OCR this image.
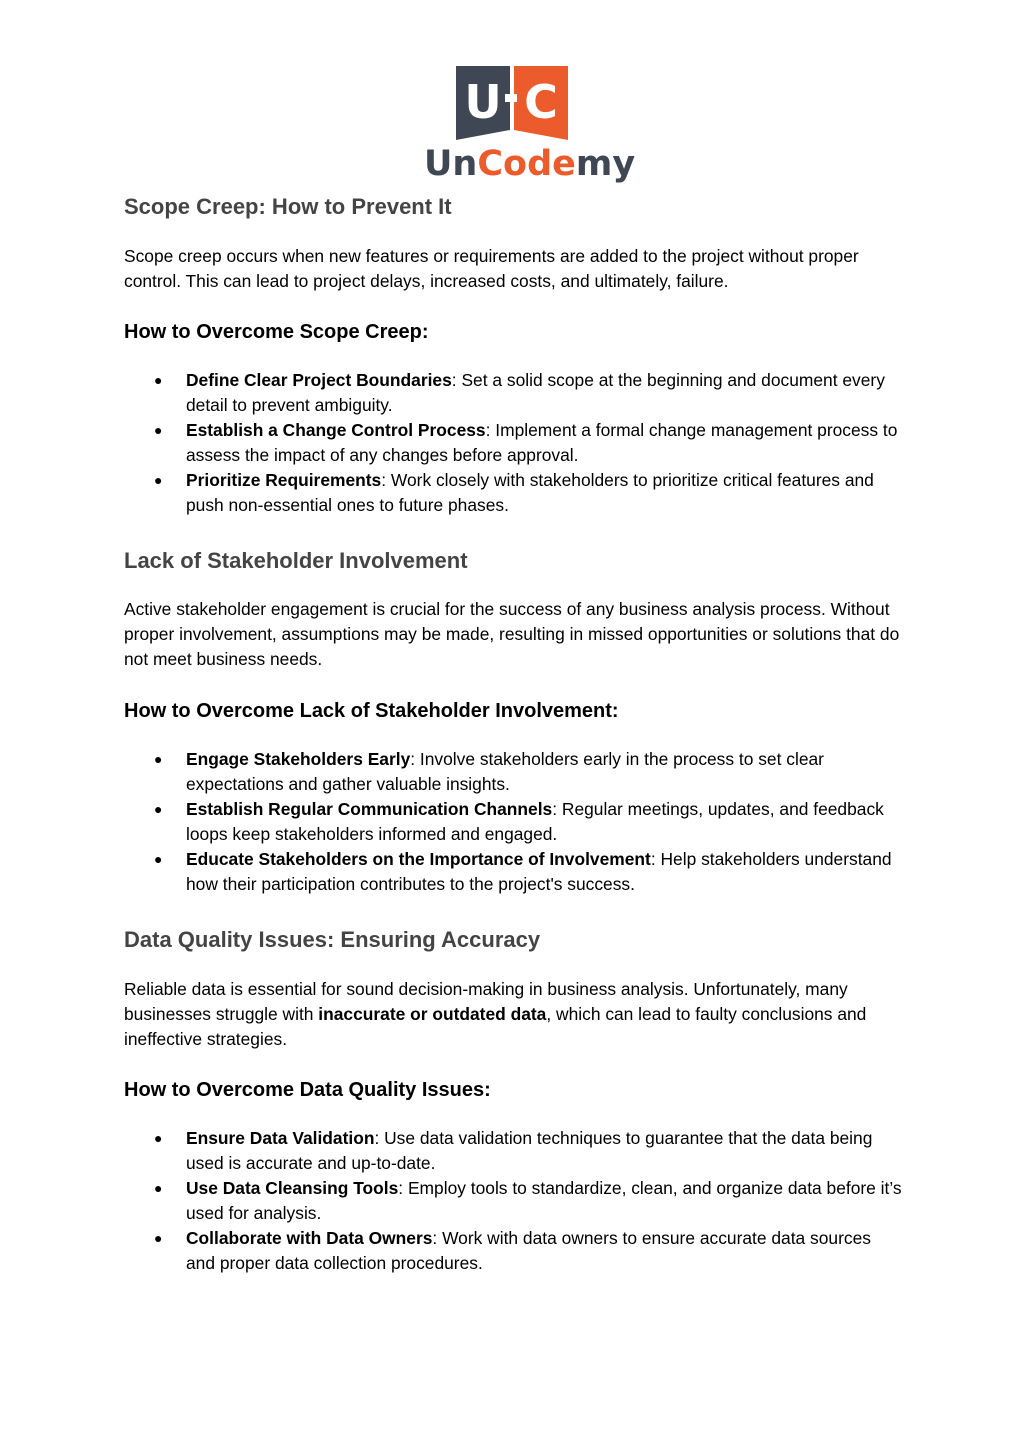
U C
UnCodemy
Scope Creep: How to Prevent It

Scope creep occurs when new features or requirements are added to the project without proper control. This can lead to project delays, increased costs, and ultimately, failure.

How to Overcome Scope Creep:
● Define Clear Project Boundaries: Set a solid scope at the beginning and document every detail to prevent ambiguity.
● Establish a Change Control Process: Implement a formal change management process to assess the impact of any changes before approval.
● Prioritize Requirements: Work closely with stakeholders to prioritize critical features and push non-essential ones to future phases.
Lack of Stakeholder Involvement

Active stakeholder engagement is crucial for the success of any business analysis process. Without proper involvement, assumptions may be made, resulting in missed opportunities or solutions that do not meet business needs.

How to Overcome Lack of Stakeholder Involvement:
● Engage Stakeholders Early: Involve stakeholders early in the process to set clear expectations and gather valuable insights.
● Establish Regular Communication Channels: Regular meetings, updates, and feedback loops keep stakeholders informed and engaged.
● Educate Stakeholders on the Importance of Involvement: Help stakeholders understand how their participation contributes to the project's success.
Data Quality Issues: Ensuring Accuracy

Reliable data is essential for sound decision-making in business analysis. Unfortunately, many businesses struggle with inaccurate or outdated data, which can lead to faulty conclusions and ineffective strategies.

How to Overcome Data Quality Issues:
● Ensure Data Validation: Use data validation techniques to guarantee that the data being used is accurate and up-to-date.
● Use Data Cleansing Tools: Employ tools to standardize, clean, and organize data before it’s used for analysis.
● Collaborate with Data Owners: Work with data owners to ensure accurate data sources and proper data collection procedures.
